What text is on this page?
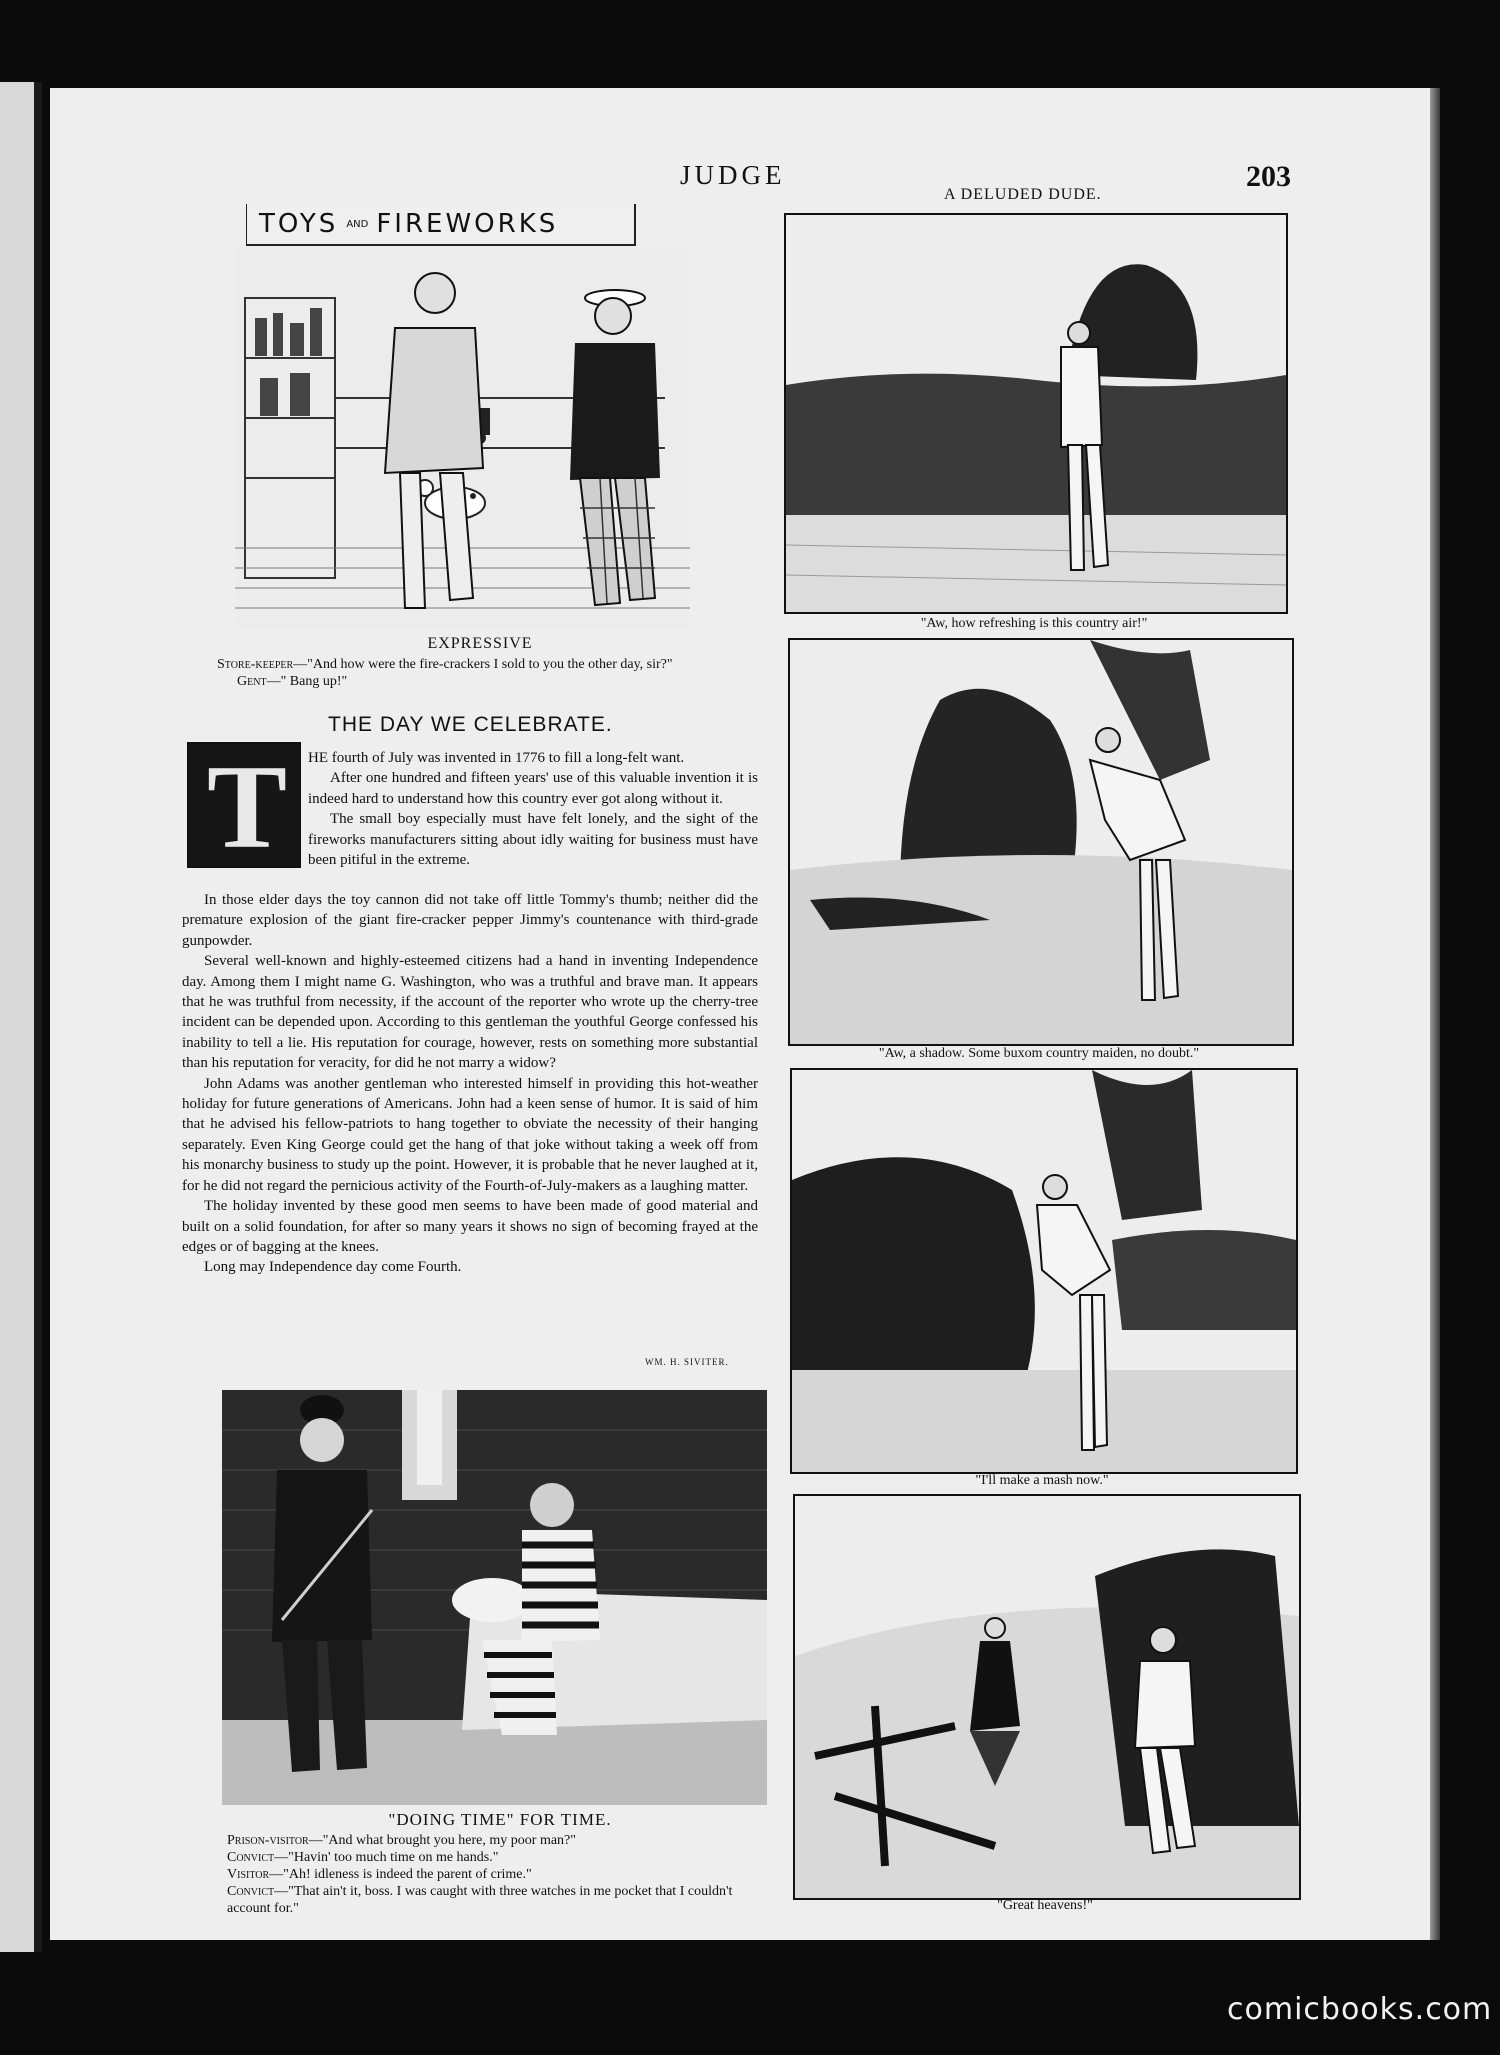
JUDGE	203
A DELUDED DUDE.
TOYS AND FIREWORKS
EXPRESSIVE
Store-keeper—"And how were the fire-crackers I sold to you the other day, sir?"
Gent—" Bang up!"
THE DAY WE CELEBRATE.
T HE fourth of July was invented in 1776 to fill a long-felt want.

After one hundred and fifteen years' use of this valuable invention it is indeed hard to understand how this country ever got along without it.

The small boy especially must have felt lonely, and the sight of the fireworks manufacturers sitting about idly waiting for business must have been pitiful in the extreme.

In those elder days the toy cannon did not take off little Tommy's thumb; neither did the premature explosion of the giant fire-cracker pepper Jimmy's countenance with third-grade gunpowder.

Several well-known and highly-esteemed citizens had a hand in inventing Independence day. Among them I might name G. Washington, who was a truthful and brave man. It appears that he was truthful from necessity, if the account of the reporter who wrote up the cherry-tree incident can be depended upon. According to this gentleman the youthful George confessed his inability to tell a lie. His reputation for courage, however, rests on something more substantial than his reputation for veracity, for did he not marry a widow?

John Adams was another gentleman who interested himself in providing this hot-weather holiday for future generations of Americans. John had a keen sense of humor. It is said of him that he advised his fellow-patriots to hang together to obviate the necessity of their hanging separately. Even King George could get the hang of that joke without taking a week off from his monarchy business to study up the point. However, it is probable that he never laughed at it, for he did not regard the pernicious activity of the Fourth-of-July-makers as a laughing matter.

The holiday invented by these good men seems to have been made of good material and built on a solid foundation, for after so many years it shows no sign of becoming frayed at the edges or of bagging at the knees.

Long may Independence day come Fourth.

WM. H. SIVITER.
"DOING TIME" FOR TIME.
Prison-visitor—"And what brought you here, my poor man?"
Convict—"Havin' too much time on me hands."
Visitor—"Ah! idleness is indeed the parent of crime."
Convict—"That ain't it, boss. I was caught with three watches in me pocket that I couldn't account for."
"Aw, how refreshing is this country air!"
"Aw, a shadow. Some buxom country maiden, no doubt."
"I'll make a mash now."
"Great heavens!"
comicbooks.com
